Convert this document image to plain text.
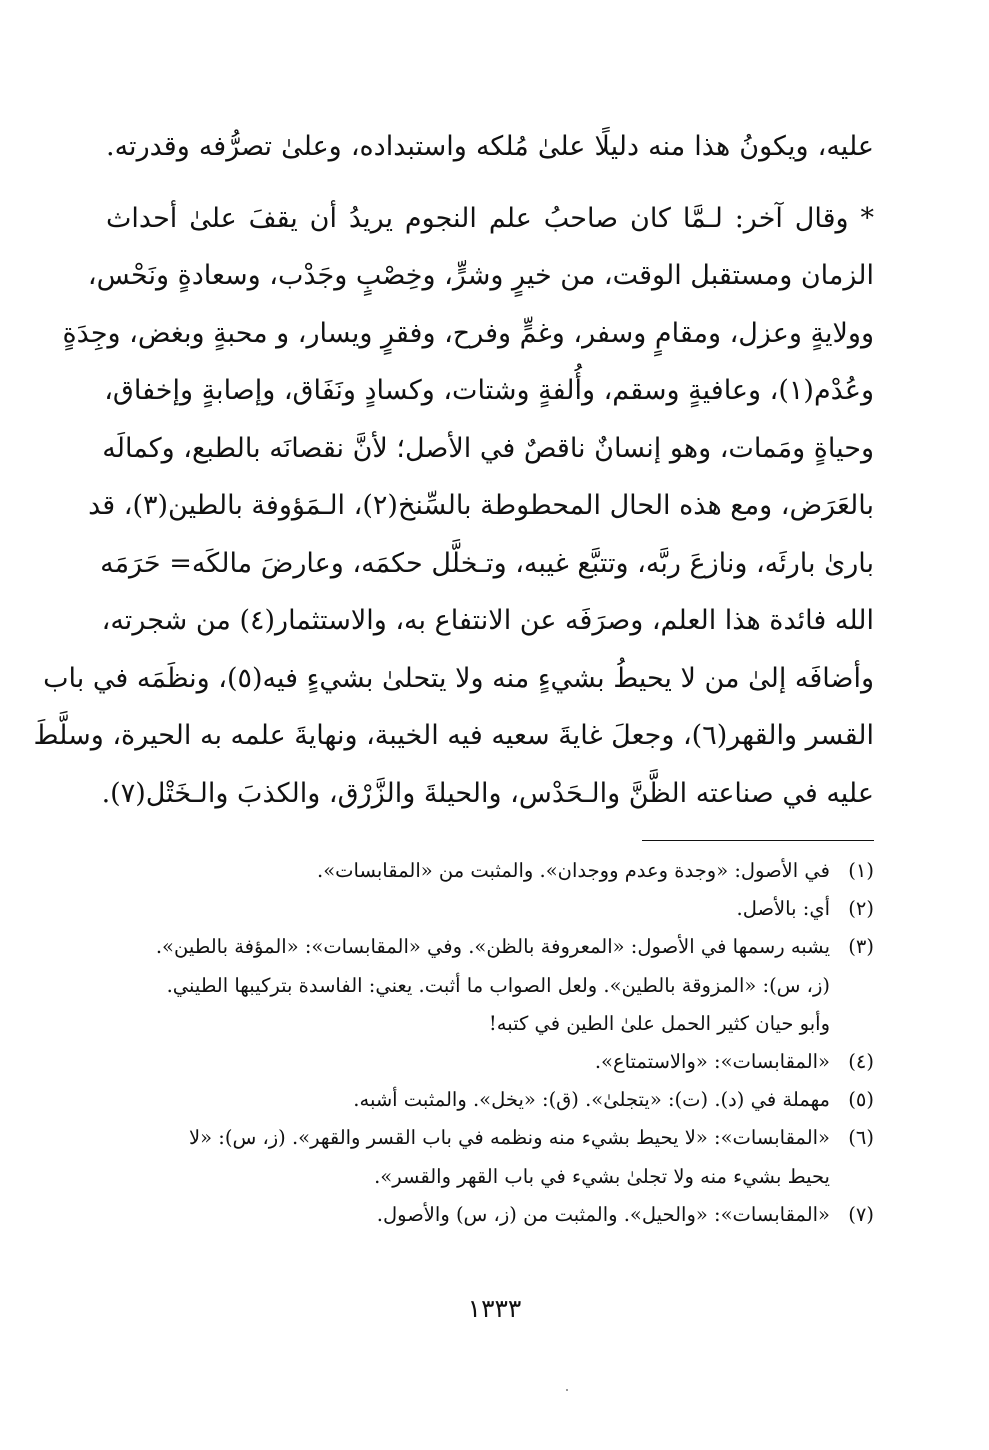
عليه، ويكونُ هذا منه دليلًا علىٰ مُلكه واستبداده، وعلىٰ تصرُّفه وقدرته.
* وقال آخر: لـمَّا كان صاحبُ علم النجوم يريدُ أن يقفَ علىٰ أحداث
الزمان ومستقبل الوقت، من خيرٍ وشرٍّ، وخِصْبٍ وجَدْب، وسعادةٍ ونَحْس،
وولايةٍ وعزل، ومقامٍ وسفر، وغمٍّ وفرح، وفقرٍ ويسار، و محبةٍ وبغض، وجِدَةٍ
وعُدْم(١)، وعافيةٍ وسقم، وأُلفةٍ وشتات، وكسادٍ ونَفَاق، وإصابةٍ وإخفاق،
وحياةٍ ومَمات، وهو إنسانٌ ناقصٌ في الأصل؛ لأنَّ نقصانَه بالطبع، وكمالَه
بالعَرَض، ومع هذه الحال المحطوطة بالسِّنخ(٢)، الـمَؤوفة بالطين(٣)، قد
بارىٰ بارئَه، ونازعَ ربَّه، وتتبَّع غيبه، وتـخلَّل حكمَه، وعارضَ مالكَه= حَرَمَه
الله فائدة هذا العلم، وصرَفَه عن الانتفاع به، والاستثمار(٤) من شجرته،
وأضافَه إلىٰ من لا يحيطُ بشيءٍ منه ولا يتحلىٰ بشيءٍ فيه(٥)، ونظَمَه في باب
القسر والقهر(٦)، وجعلَ غايةَ سعيه فيه الخيبة، ونهايةَ علمه به الحيرة، وسلَّطَ
عليه في صناعته الظَّنَّ والـحَدْس، والحيلةَ والزَّرْق، والكذبَ والـخَتْل(٧).
(١)
في الأصول: «وجدة وعدم ووجدان». والمثبت من «المقابسات».
(٢)
أي: بالأصل.
(٣)
يشبه رسمها في الأصول: «المعروفة بالظن». وفي «المقابسات»: «المؤفة بالطين».
(ز، س): «المزوقة بالطين». ولعل الصواب ما أثبت. يعني: الفاسدة بتركيبها الطيني.
وأبو حيان كثير الحمل علىٰ الطين في كتبه!
(٤)
«المقابسات»: «والاستمتاع».
(٥)
مهملة في (د). (ت): «يتجلىٰ». (ق): «يخل». والمثبت أشبه.
(٦)
«المقابسات»: «لا يحيط بشيء منه ونظمه في باب القسر والقهر». (ز، س): «لا
يحيط بشيء منه ولا تجلىٰ بشيء في باب القهر والقسر».
(٧)
«المقابسات»: «والحيل». والمثبت من (ز، س) والأصول.
١٣٣٣
